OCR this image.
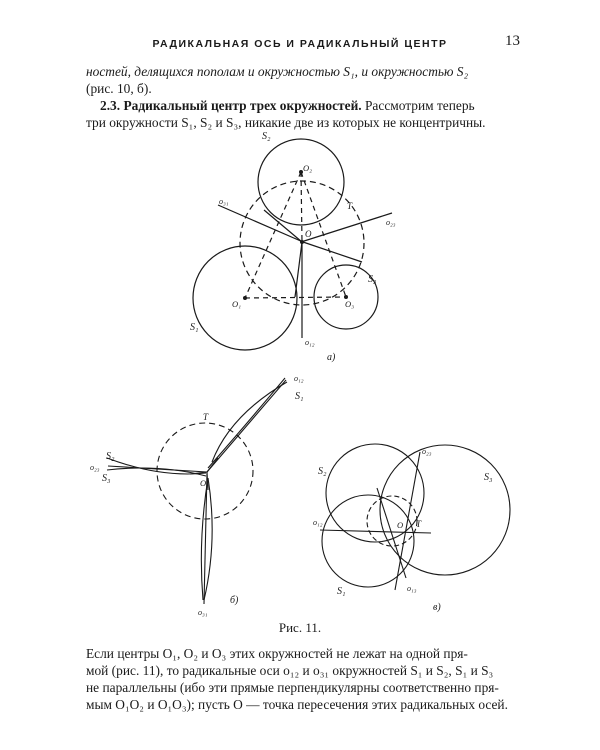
РАДИКАЛЬНАЯ ОСЬ И РАДИКАЛЬНЫЙ ЦЕНТР	13
ностей, делящихся пополам и окружностью S₁, и окружностью S₂
(рис. 10, б).
2.3. Радикальный центр трех окружностей. Рассмотрим теперь
три окружности S₁, S₂ и S₃, никакие две из которых не концентричны.
S₂
O₂
o₃₁
o₂₃
Т
O
S₃
O₁	O₃
S₁
o₁₂
а)
o₁₂
S₁
Т
S₂
o₂₃
S₃	O
o₃₁
б)
o₂₃
S₂
S₃
o₁₂	O Т
S₁	o₁₃
в)
Рис. 11.
Если центры O₁, O₂ и O₃ этих окружностей не лежат на одной пря-
мой (рис. 11), то радикальные оси o₁₂ и o₃₁ окружностей S₁ и S₂, S₁ и S₃
не параллельны (ибо эти прямые перпендикулярны соответственно пря-
мым O₁O₂ и O₁O₃); пусть O — точка пересечения этих радикальных осей.
